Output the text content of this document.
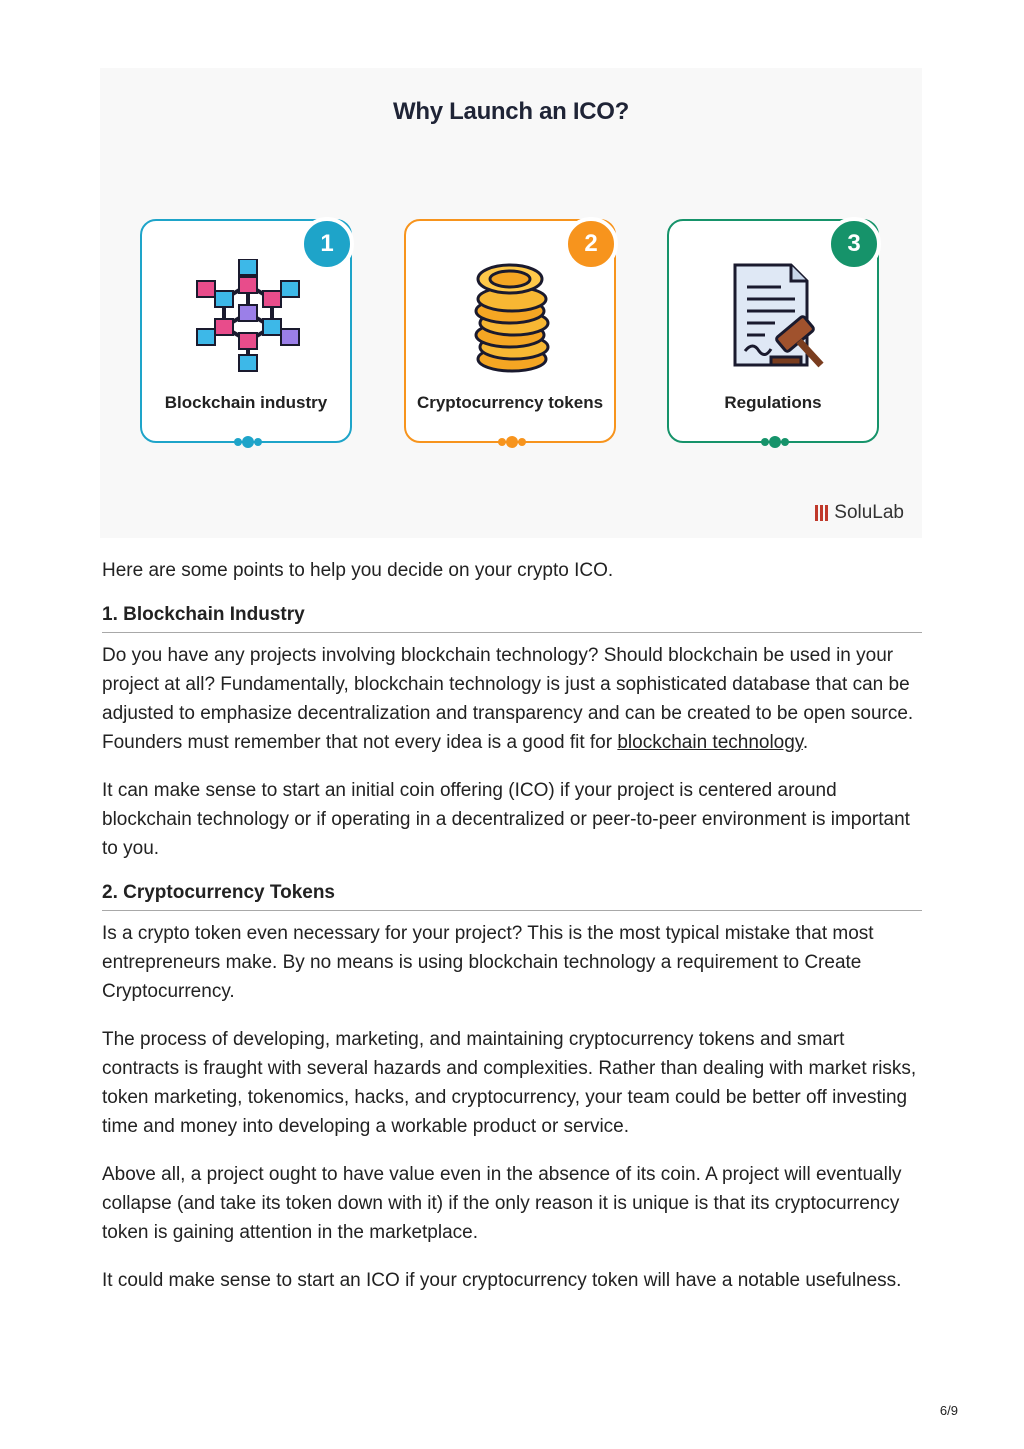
Why Launch an ICO?
1
Blockchain industry
2
Cryptocurrency tokens
3
Regulations
SoluLab

Here are some points to help you decide on your crypto ICO.

1. Blockchain Industry

Do you have any projects involving blockchain technology? Should blockchain be used in your project at all? Fundamentally, blockchain technology is just a sophisticated database that can be adjusted to emphasize decentralization and transparency and can be created to be open source. Founders must remember that not every idea is a good fit for blockchain technology.

It can make sense to start an initial coin offering (ICO) if your project is centered around blockchain technology or if operating in a decentralized or peer-to-peer environment is important to you.

2. Cryptocurrency Tokens

Is a crypto token even necessary for your project? This is the most typical mistake that most entrepreneurs make. By no means is using blockchain technology a requirement to Create Cryptocurrency.

The process of developing, marketing, and maintaining cryptocurrency tokens and smart contracts is fraught with several hazards and complexities. Rather than dealing with market risks, token marketing, tokenomics, hacks, and cryptocurrency, your team could be better off investing time and money into developing a workable product or service.

Above all, a project ought to have value even in the absence of its coin. A project will eventually collapse (and take its token down with it) if the only reason it is unique is that its cryptocurrency token is gaining attention in the marketplace.

It could make sense to start an ICO if your cryptocurrency token will have a notable usefulness.

6/9
